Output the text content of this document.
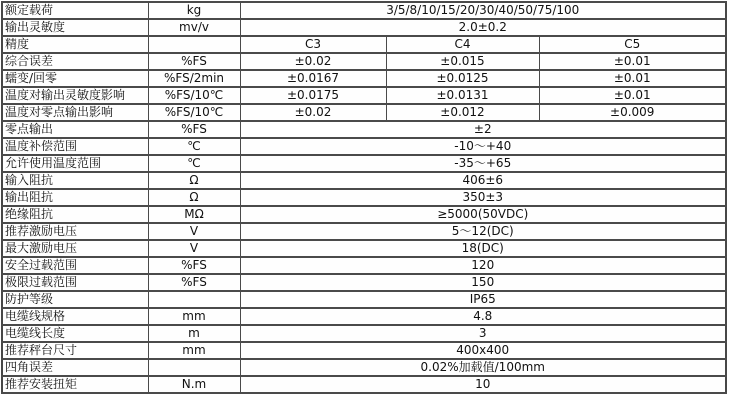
额定载荷	kg	3/5/8/10/15/20/30/40/50/75/100		
输出灵敏度	mv/v	2.0±0.2		
精度		C3	C4	C5
综合误差	%FS	±0.02	±0.015	±0.01
蠕变/回零	%FS/2min	±0.0167	±0.0125	±0.01
温度对输出灵敏度影响	%FS/10℃	±0.0175	±0.0131	±0.01
温度对零点输出影响	%FS/10℃	±0.02	±0.012	±0.009
零点输出	%FS	±2		
温度补偿范围	℃	-10～+40		
允许使用温度范围	℃	-35～+65		
输入阻抗	Ω	406±6		
输出阻抗	Ω	350±3		
绝缘阻抗	MΩ	≥5000(50VDC)		
推荐激励电压	V	5～12(DC)		
最大激励电压	V	18(DC)		
安全过载范围	%FS	120		
极限过载范围	%FS	150		
防护等级		IP65		
电缆线规格	mm	4.8		
电缆线长度	m	3		
推荐秤台尺寸	mm	400x400		
四角误差		0.02%加载值/100mm		
推荐安装扭矩	N.m	10		
